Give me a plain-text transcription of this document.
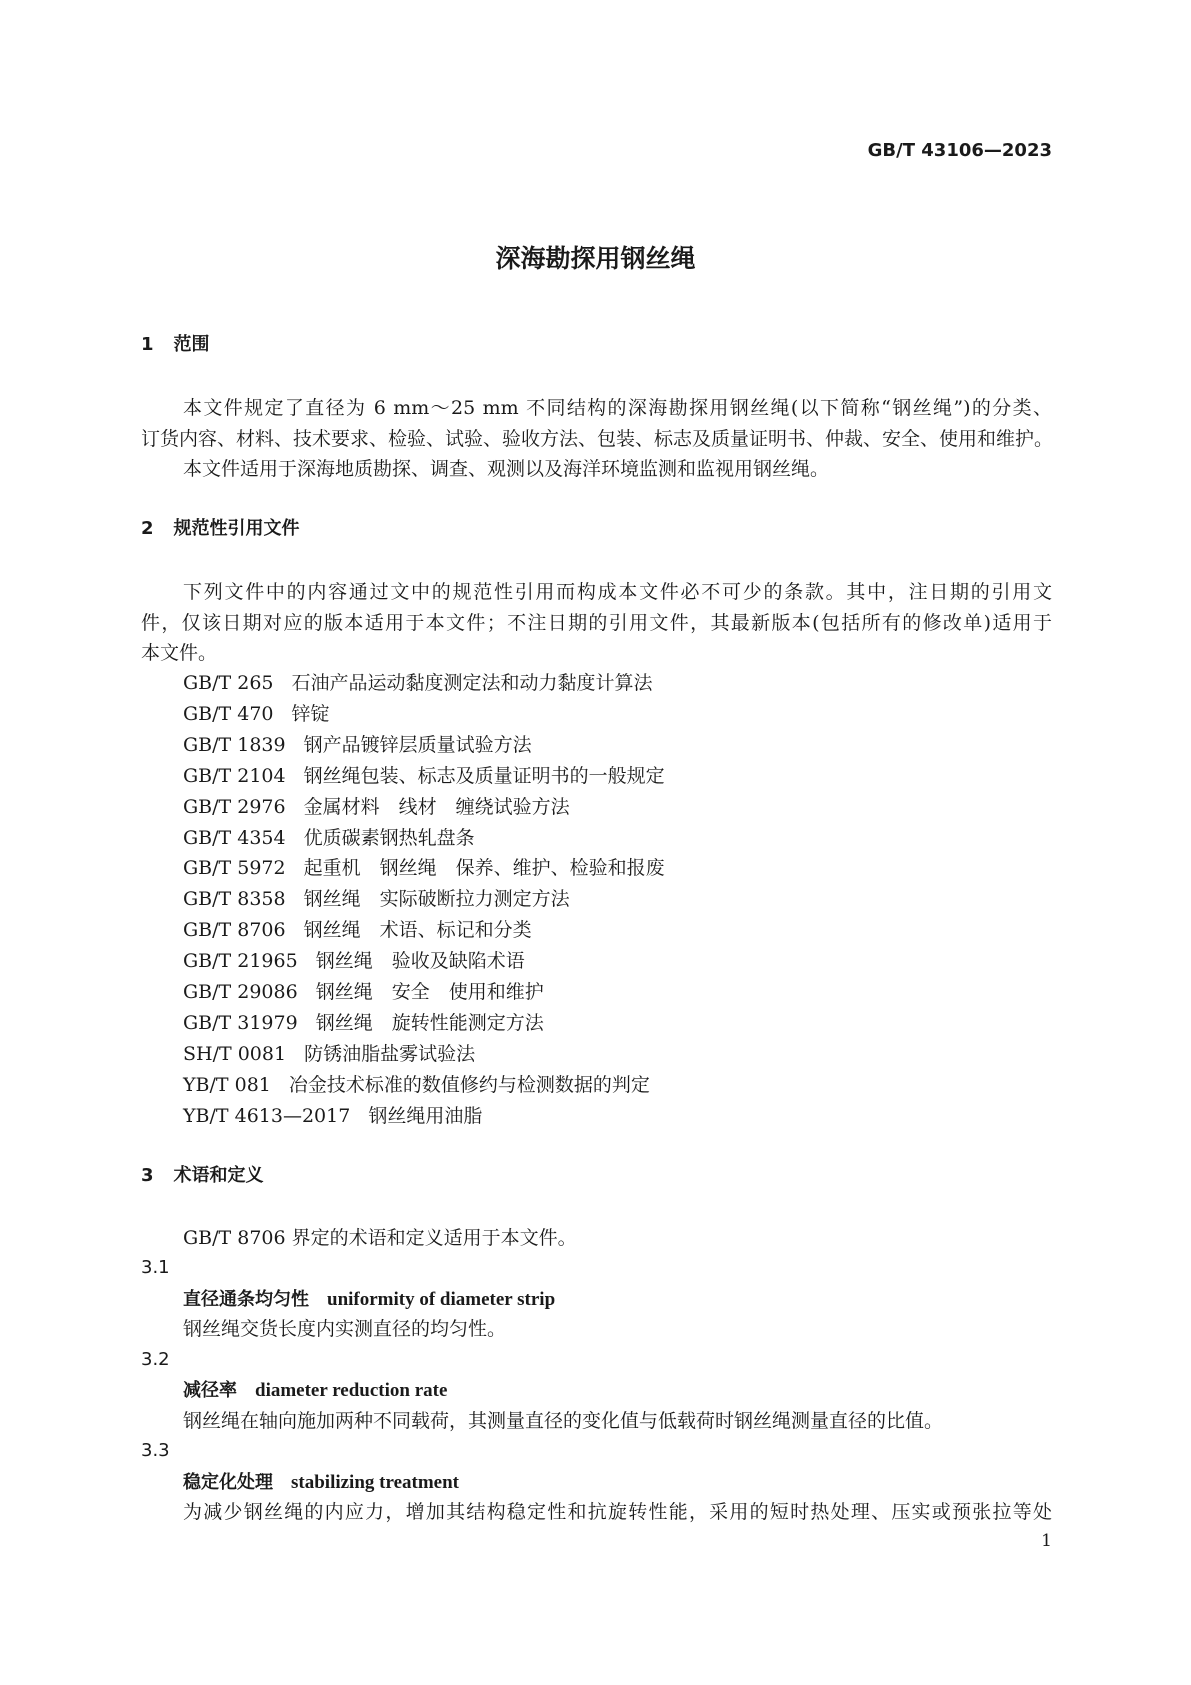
GB/T 43106—2023
深海勘探用钢丝绳
1 范围
本文件规定了直径为 6 mm～25 mm 不同结构的深海勘探用钢丝绳(以下简称“钢丝绳”)的分类、
订货内容、材料、技术要求、检验、试验、验收方法、包装、标志及质量证明书、仲裁、安全、使用和维护。
本文件适用于深海地质勘探、调查、观测以及海洋环境监测和监视用钢丝绳。
2 规范性引用文件
下列文件中的内容通过文中的规范性引用而构成本文件必不可少的条款。其中，注日期的引用文
件，仅该日期对应的版本适用于本文件；不注日期的引用文件，其最新版本(包括所有的修改单)适用于
本文件。
GB/T 265 石油产品运动黏度测定法和动力黏度计算法
GB/T 470 锌锭
GB/T 1839 钢产品镀锌层质量试验方法
GB/T 2104 钢丝绳包装、标志及质量证明书的一般规定
GB/T 2976 金属材料　线材　缠绕试验方法
GB/T 4354 优质碳素钢热轧盘条
GB/T 5972 起重机　钢丝绳　保养、维护、检验和报废
GB/T 8358 钢丝绳　实际破断拉力测定方法
GB/T 8706 钢丝绳　术语、标记和分类
GB/T 21965 钢丝绳　验收及缺陷术语
GB/T 29086 钢丝绳　安全　使用和维护
GB/T 31979 钢丝绳　旋转性能测定方法
SH/T 0081 防锈油脂盐雾试验法
YB/T 081 冶金技术标准的数值修约与检测数据的判定
YB/T 4613—2017 钢丝绳用油脂
3 术语和定义
GB/T 8706 界定的术语和定义适用于本文件。
3.1
直径通条均匀性 uniformity of diameter strip
钢丝绳交货长度内实测直径的均匀性。
3.2
减径率 diameter reduction rate
钢丝绳在轴向施加两种不同载荷，其测量直径的变化值与低载荷时钢丝绳测量直径的比值。
3.3
稳定化处理 stabilizing treatment
为减少钢丝绳的内应力，增加其结构稳定性和抗旋转性能，采用的短时热处理、压实或预张拉等处
1
